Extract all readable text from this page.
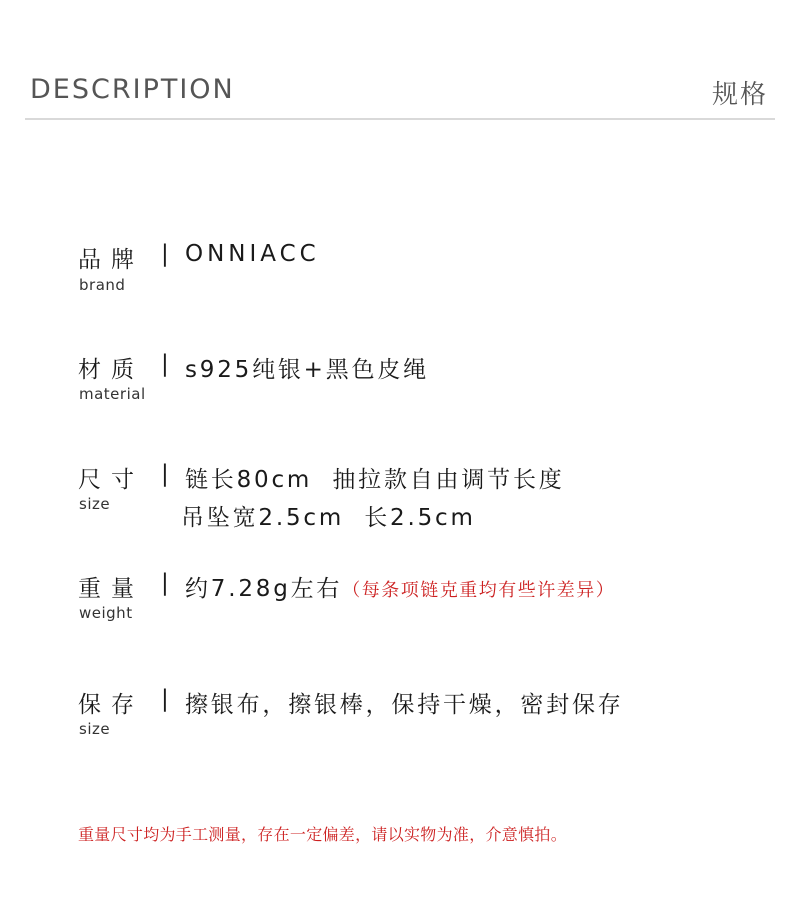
DESCRIPTION	规格
品牌 | ONNIACC
brand
材质 | s925纯银+黑色皮绳
material
尺寸 | 链长80cm  抽拉款自由调节长度
吊坠宽2.5cm  长2.5cm
size
重量 | 约7.28g左右（每条项链克重均有些许差异）
weight
保存 | 擦银布，擦银棒，保持干燥，密封保存
size
重量尺寸均为手工测量，存在一定偏差，请以实物为准，介意慎拍。
